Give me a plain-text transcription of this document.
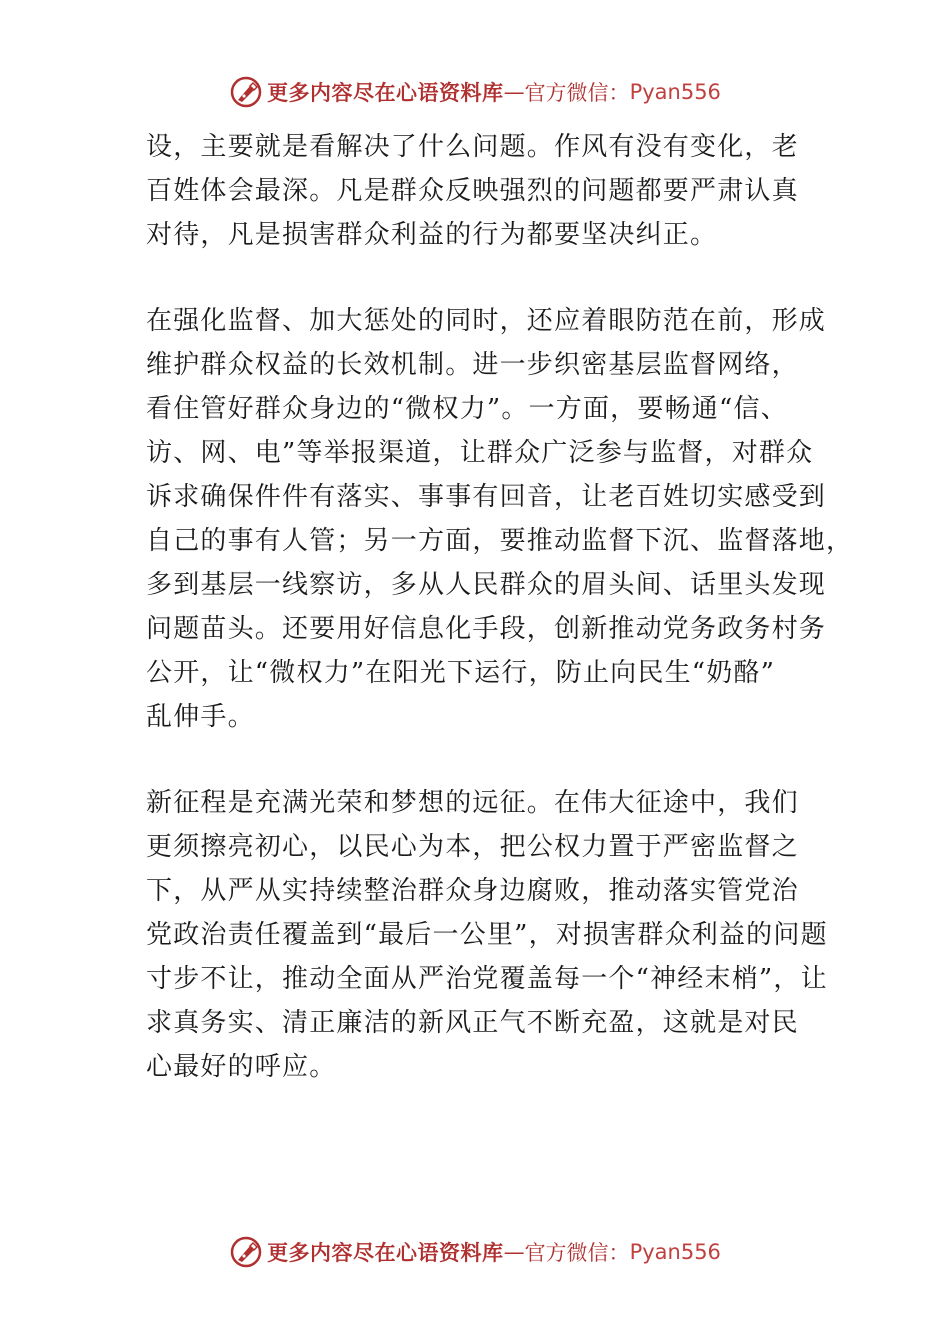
更多内容尽在心语资料库 — 官方微信： Pyan556
设，主要就是看解决了什么问题。作风有没有变化，老
百姓体会最深。凡是群众反映强烈的问题都要严肃认真
对待，凡是损害群众利益的行为都要坚决纠正。
在强化监督、加大惩处的同时，还应着眼防范在前，形成
维护群众权益的长效机制。进一步织密基层监督网络，
看住管好群众身边的“微权力”。一方面，要畅通“信、
访、网、电”等举报渠道，让群众广泛参与监督，对群众
诉求确保件件有落实、事事有回音，让老百姓切实感受到
自己的事有人管；另一方面，要推动监督下沉、监督落地，
多到基层一线察访，多从人民群众的眉头间、话里头发现
问题苗头。还要用好信息化手段，创新推动党务政务村务
公开，让“微权力”在阳光下运行，防止向民生“奶酪”
乱伸手。
新征程是充满光荣和梦想的远征。在伟大征途中，我们
更须擦亮初心，以民心为本，把公权力置于严密监督之
下，从严从实持续整治群众身边腐败，推动落实管党治
党政治责任覆盖到“最后一公里”，对损害群众利益的问题
寸步不让，推动全面从严治党覆盖每一个“神经末梢”，让
求真务实、清正廉洁的新风正气不断充盈，这就是对民
心最好的呼应。
更多内容尽在心语资料库 — 官方微信： Pyan556
